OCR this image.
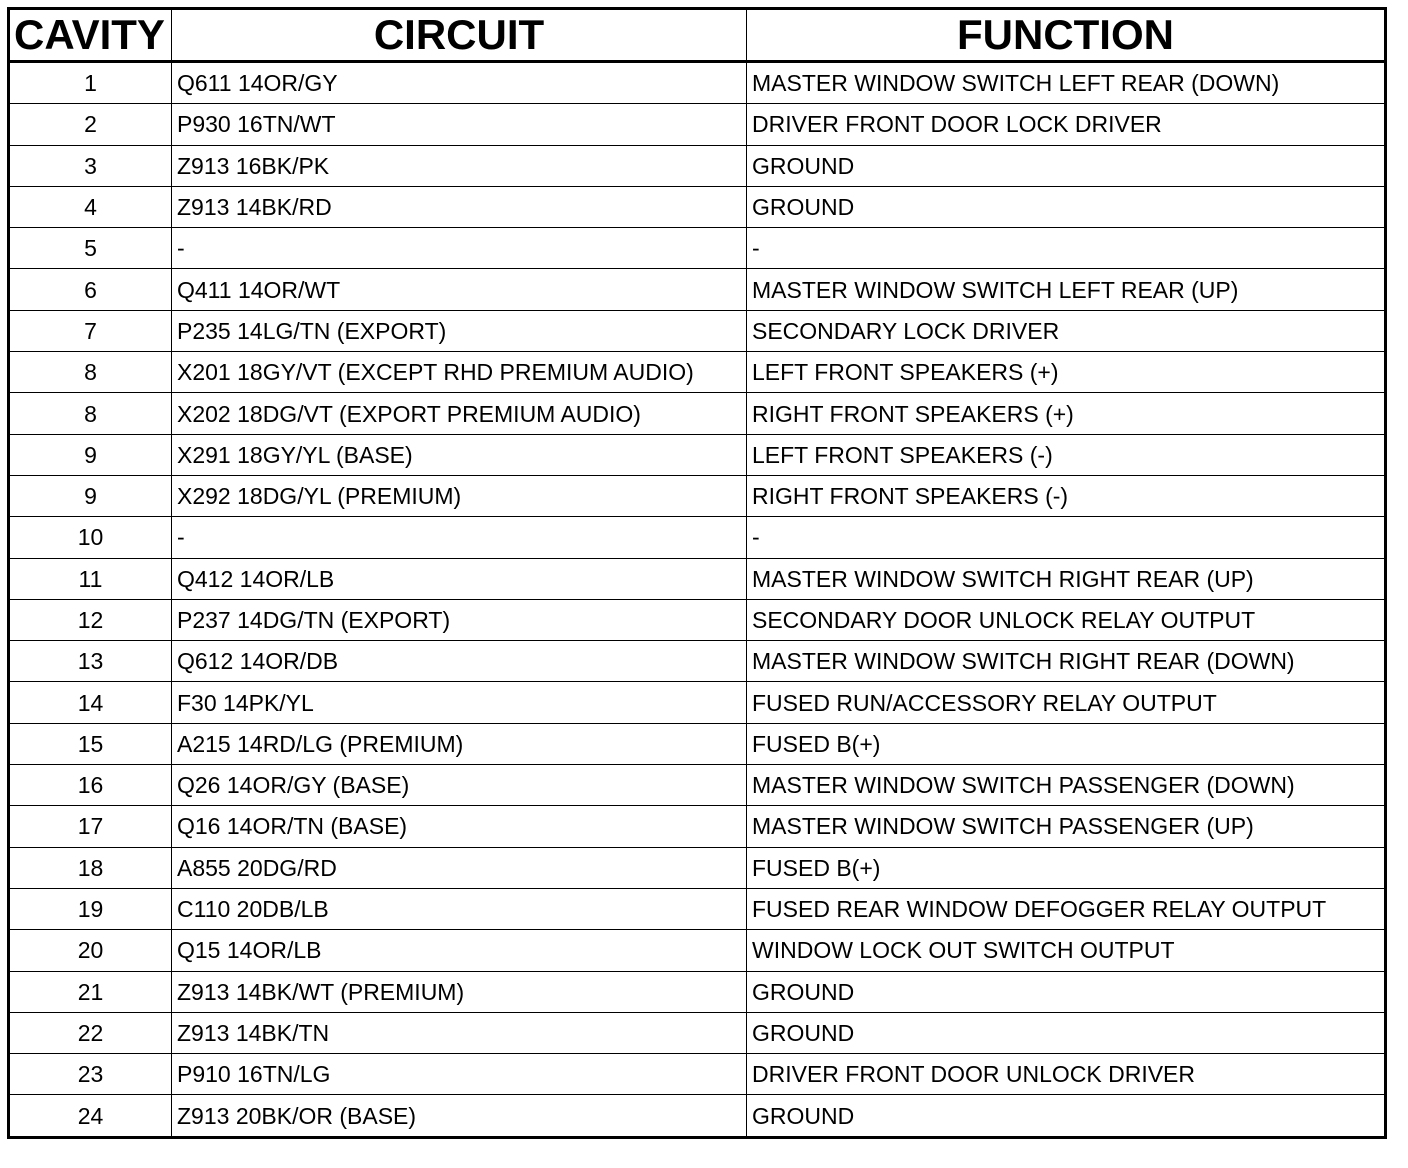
CAVITY	CIRCUIT	FUNCTION
1	Q611 14OR/GY	MASTER WINDOW SWITCH LEFT REAR (DOWN)
2	P930 16TN/WT	DRIVER FRONT DOOR LOCK DRIVER
3	Z913 16BK/PK	GROUND
4	Z913 14BK/RD	GROUND
5	-	-
6	Q411 14OR/WT	MASTER WINDOW SWITCH LEFT REAR (UP)
7	P235 14LG/TN (EXPORT)	SECONDARY LOCK DRIVER
8	X201 18GY/VT (EXCEPT RHD PREMIUM AUDIO)	LEFT FRONT SPEAKERS (+)
8	X202 18DG/VT (EXPORT PREMIUM AUDIO)	RIGHT FRONT SPEAKERS (+)
9	X291 18GY/YL (BASE)	LEFT FRONT SPEAKERS (-)
9	X292 18DG/YL (PREMIUM)	RIGHT FRONT SPEAKERS (-)
10	-	-
11	Q412 14OR/LB	MASTER WINDOW SWITCH RIGHT REAR (UP)
12	P237 14DG/TN (EXPORT)	SECONDARY DOOR UNLOCK RELAY OUTPUT
13	Q612 14OR/DB	MASTER WINDOW SWITCH RIGHT REAR (DOWN)
14	F30 14PK/YL	FUSED RUN/ACCESSORY RELAY OUTPUT
15	A215 14RD/LG (PREMIUM)	FUSED B(+)
16	Q26 14OR/GY (BASE)	MASTER WINDOW SWITCH PASSENGER (DOWN)
17	Q16 14OR/TN (BASE)	MASTER WINDOW SWITCH PASSENGER (UP)
18	A855 20DG/RD	FUSED B(+)
19	C110 20DB/LB	FUSED REAR WINDOW DEFOGGER RELAY OUTPUT
20	Q15 14OR/LB	WINDOW LOCK OUT SWITCH OUTPUT
21	Z913 14BK/WT (PREMIUM)	GROUND
22	Z913 14BK/TN	GROUND
23	P910 16TN/LG	DRIVER FRONT DOOR UNLOCK DRIVER
24	Z913 20BK/OR (BASE)	GROUND
